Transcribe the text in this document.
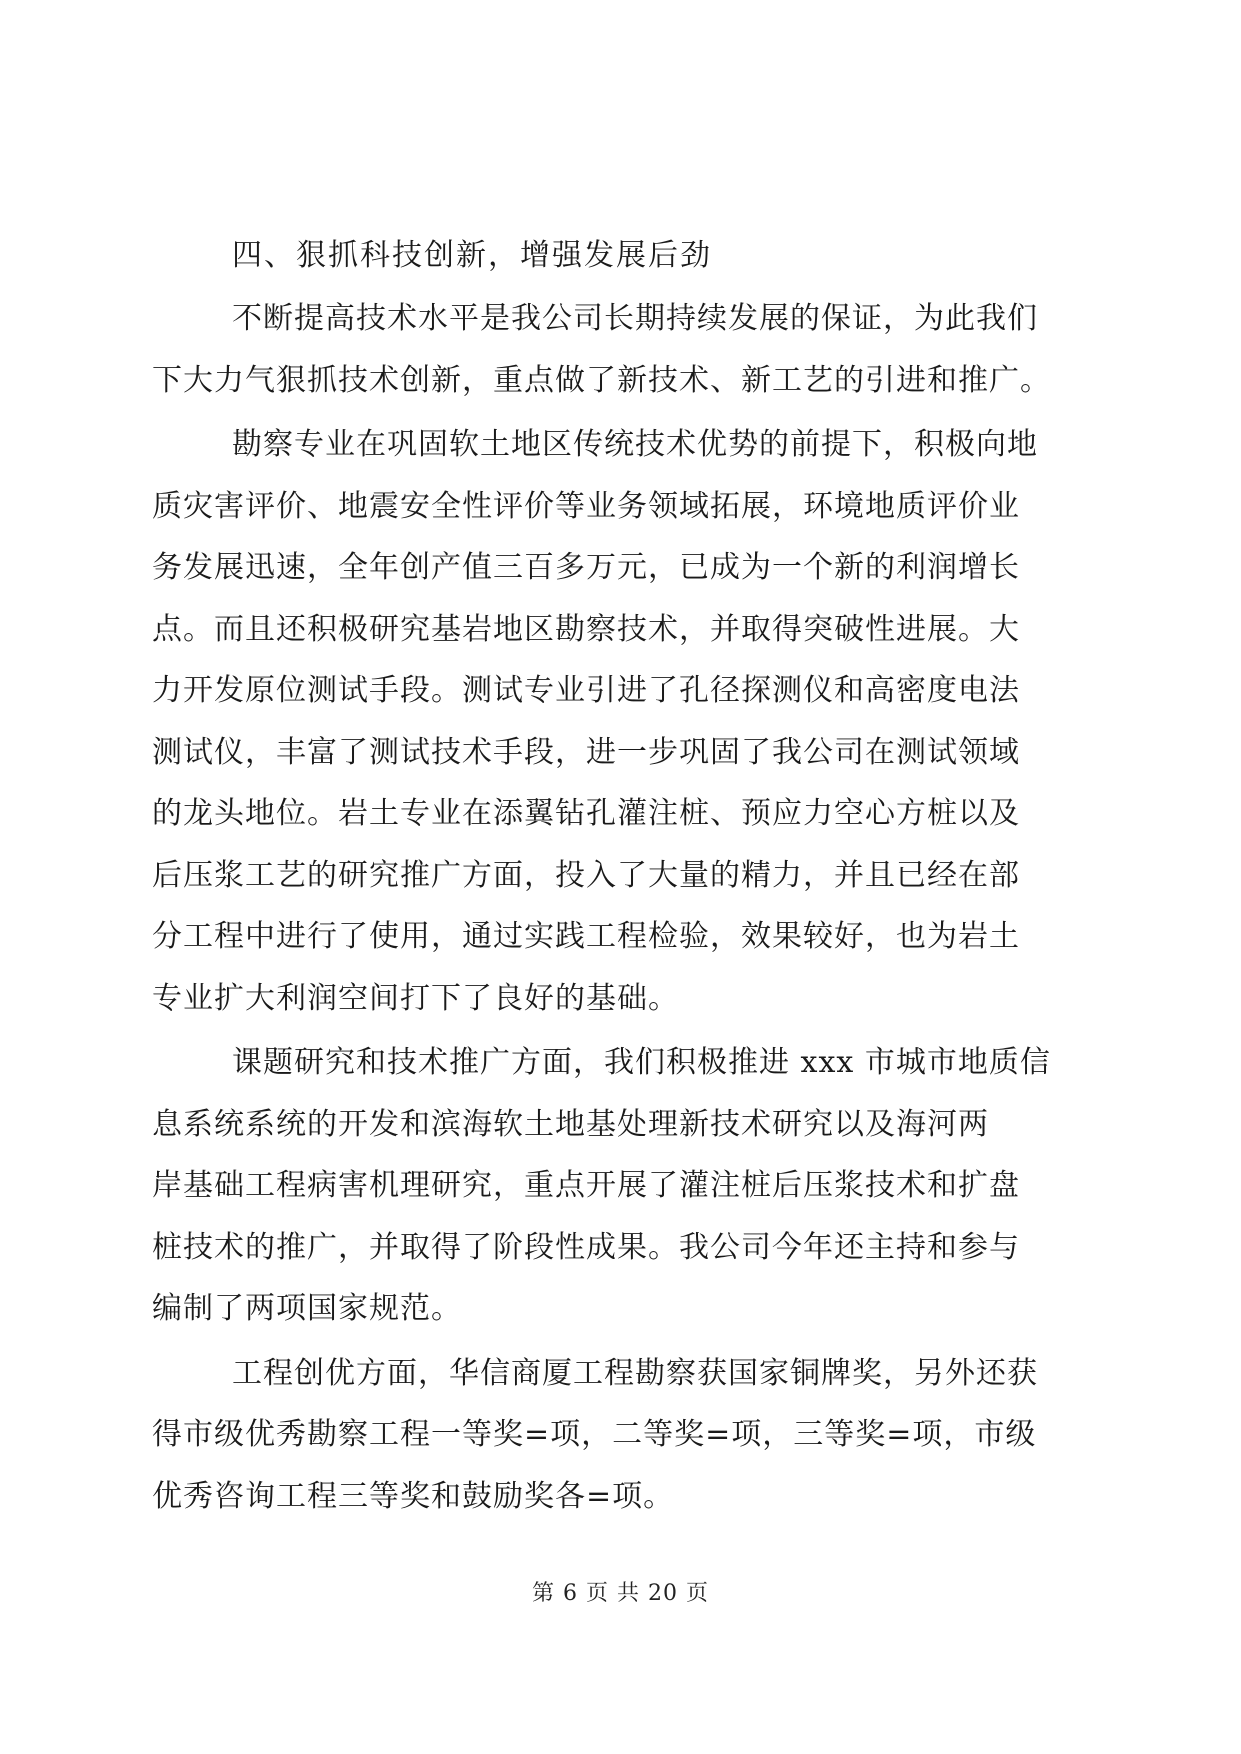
四、狠抓科技创新，增强发展后劲
不断提高技术水平是我公司长期持续发展的保证，为此我们
下大力气狠抓技术创新，重点做了新技术、新工艺的引进和推广。
勘察专业在巩固软土地区传统技术优势的前提下，积极向地
质灾害评价、地震安全性评价等业务领域拓展，环境地质评价业
务发展迅速，全年创产值三百多万元，已成为一个新的利润增长
点。而且还积极研究基岩地区勘察技术，并取得突破性进展。大
力开发原位测试手段。测试专业引进了孔径探测仪和高密度电法
测试仪，丰富了测试技术手段，进一步巩固了我公司在测试领域
的龙头地位。岩土专业在添翼钻孔灌注桩、预应力空心方桩以及
后压浆工艺的研究推广方面，投入了大量的精力，并且已经在部
分工程中进行了使用，通过实践工程检验，效果较好，也为岩土
专业扩大利润空间打下了良好的基础。
课题研究和技术推广方面，我们积极推进 xxx 市城市地质信
息系统系统的开发和滨海软土地基处理新技术研究以及海河两
岸基础工程病害机理研究，重点开展了灌注桩后压浆技术和扩盘
桩技术的推广，并取得了阶段性成果。我公司今年还主持和参与
编制了两项国家规范。
工程创优方面，华信商厦工程勘察获国家铜牌奖，另外还获
得市级优秀勘察工程一等奖=项，二等奖=项，三等奖=项，市级
优秀咨询工程三等奖和鼓励奖各=项。
第 6 页 共 20 页
